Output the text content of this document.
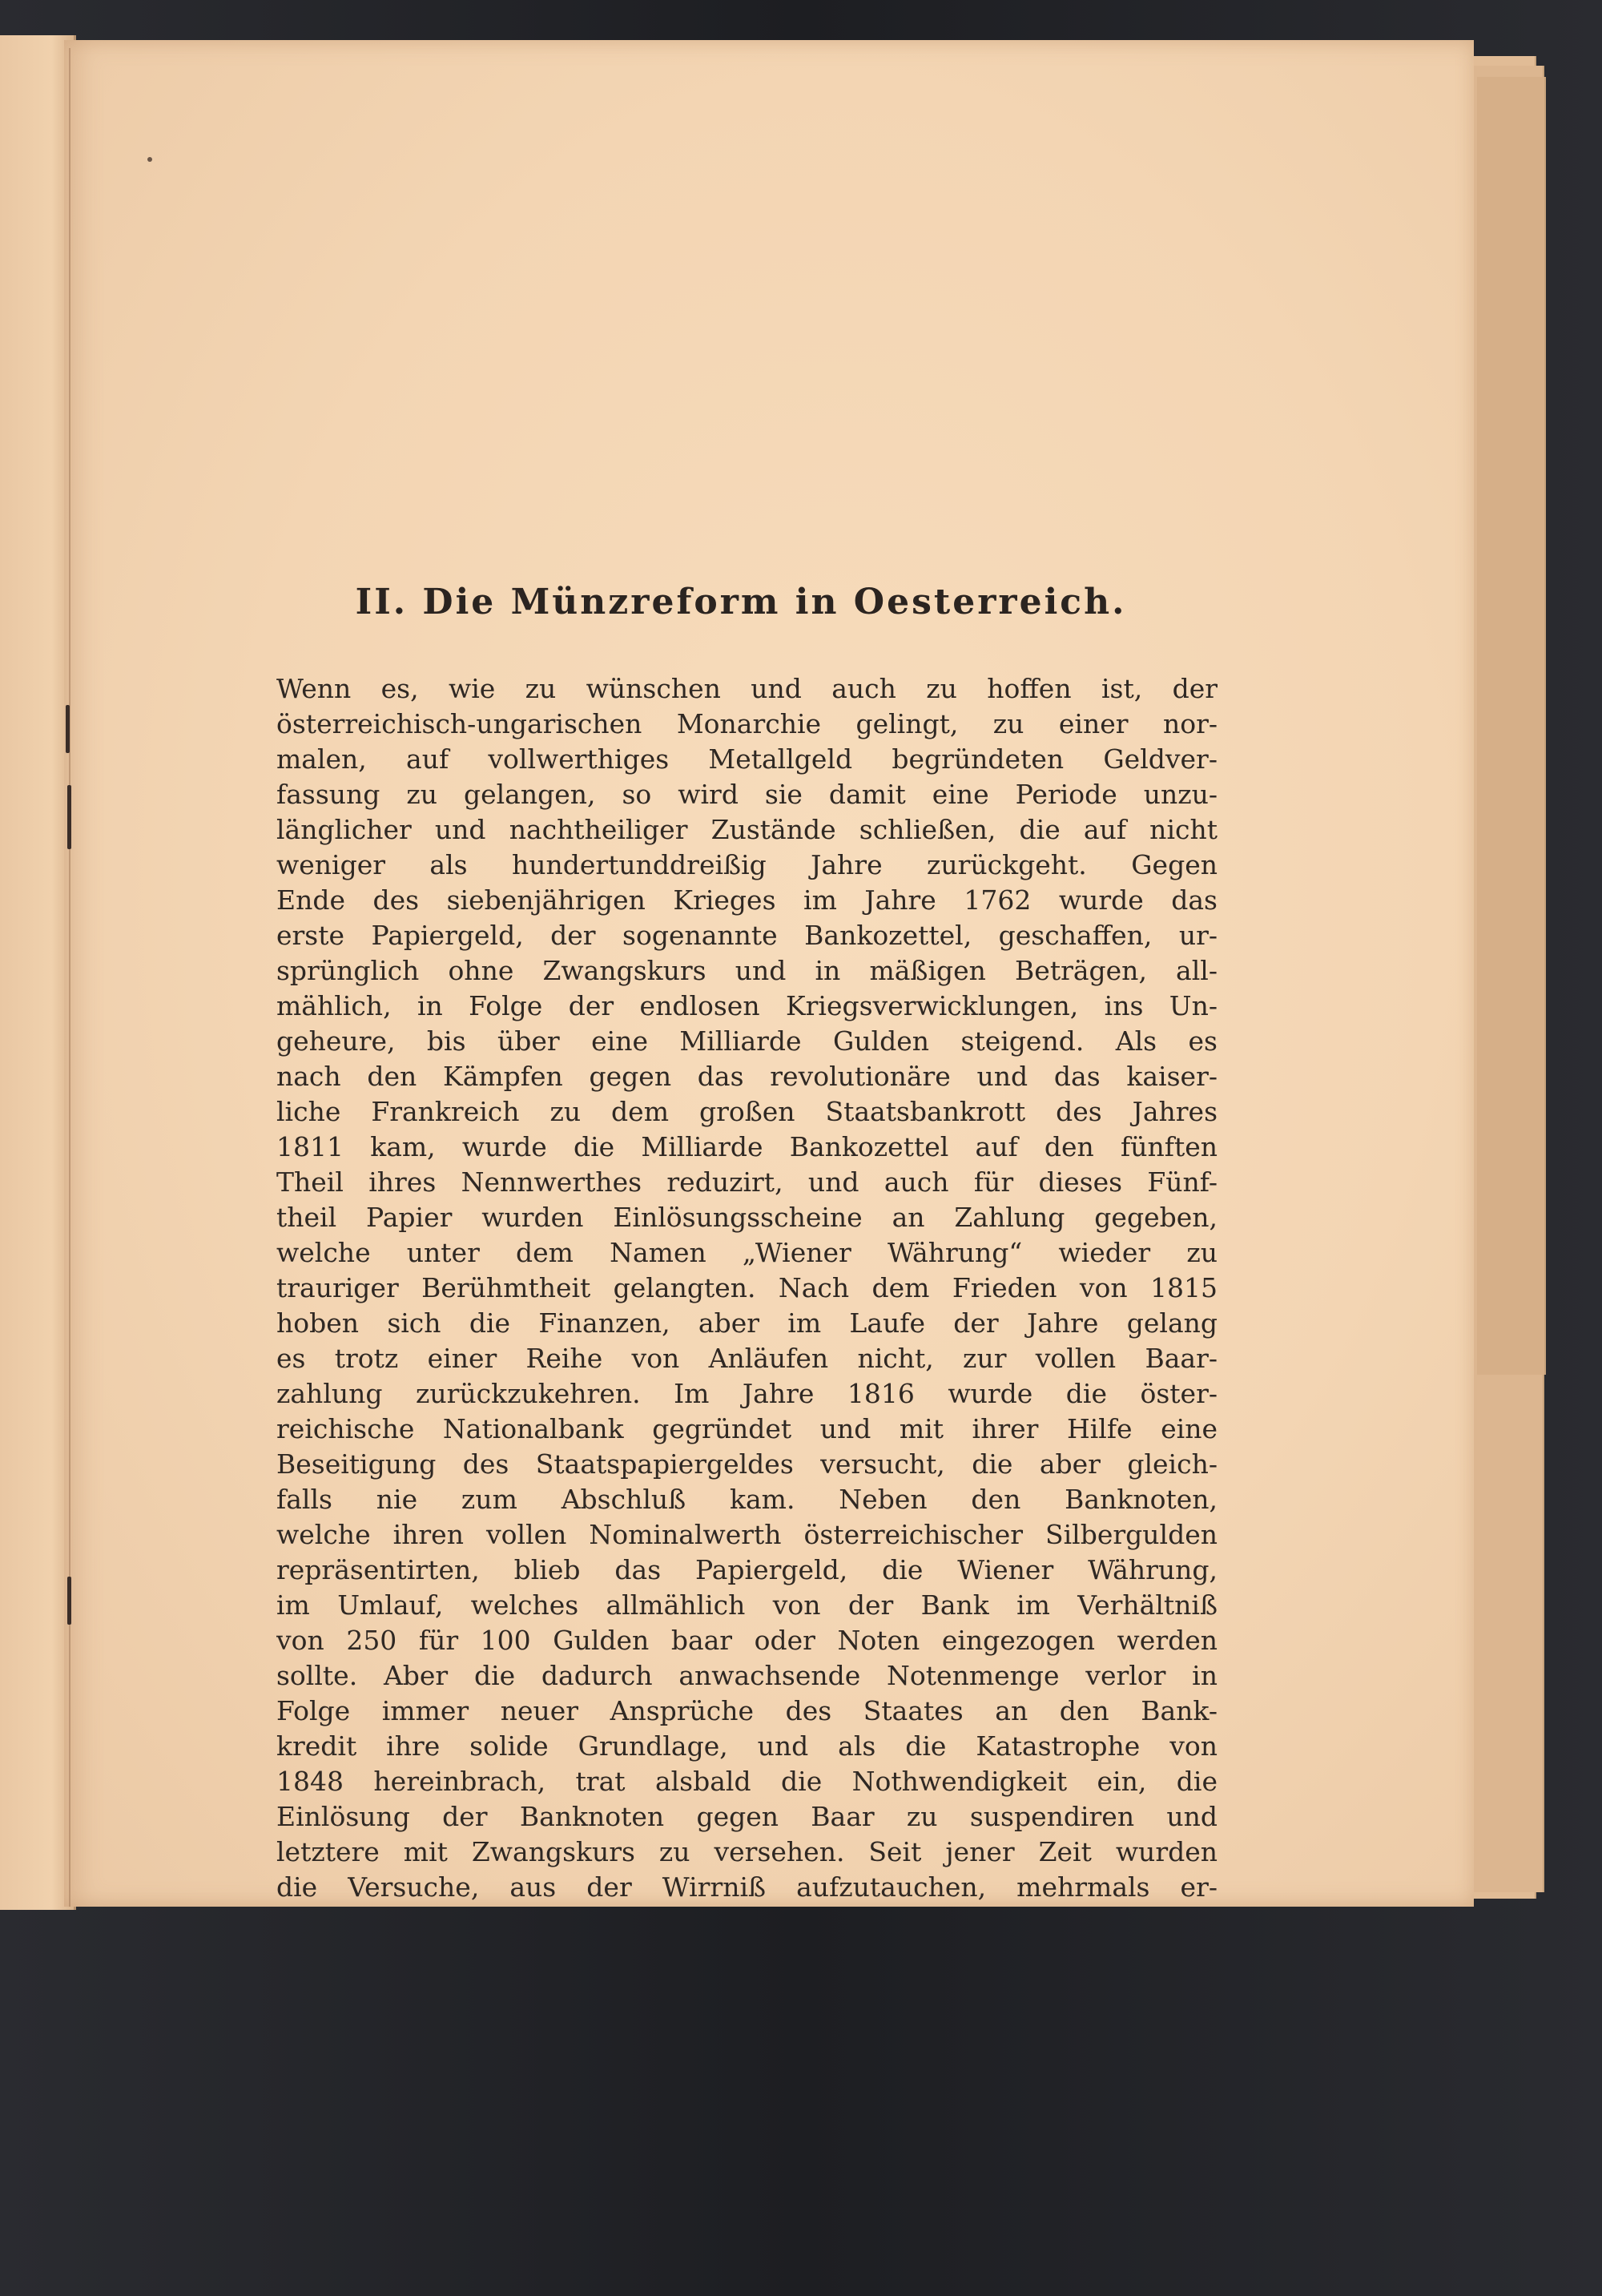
II. Die Münzreform in Oesterreich.
Wenn es, wie zu wünschen und auch zu hoffen ist, der
österreichisch-ungarischen Monarchie gelingt, zu einer nor-
malen, auf vollwerthiges Metallgeld begründeten Geldver-
fassung zu gelangen, so wird sie damit eine Periode unzu-
länglicher und nachtheiliger Zustände schließen, die auf nicht
weniger als hundertunddreißig Jahre zurückgeht. Gegen
Ende des siebenjährigen Krieges im Jahre 1762 wurde das
erste Papiergeld, der sogenannte Bankozettel, geschaffen, ur-
sprünglich ohne Zwangskurs und in mäßigen Beträgen, all-
mählich, in Folge der endlosen Kriegsverwicklungen, ins Un-
geheure, bis über eine Milliarde Gulden steigend. Als es
nach den Kämpfen gegen das revolutionäre und das kaiser-
liche Frankreich zu dem großen Staatsbankrott des Jahres
1811 kam, wurde die Milliarde Bankozettel auf den fünften
Theil ihres Nennwerthes reduzirt, und auch für dieses Fünf-
theil Papier wurden Einlösungsscheine an Zahlung gegeben,
welche unter dem Namen „Wiener Währung“ wieder zu
trauriger Berühmtheit gelangten. Nach dem Frieden von 1815
hoben sich die Finanzen, aber im Laufe der Jahre gelang
es trotz einer Reihe von Anläufen nicht, zur vollen Baar-
zahlung zurückzukehren. Im Jahre 1816 wurde die öster-
reichische Nationalbank gegründet und mit ihrer Hilfe eine
Beseitigung des Staatspapiergeldes versucht, die aber gleich-
falls nie zum Abschluß kam. Neben den Banknoten,
welche ihren vollen Nominalwerth österreichischer Silbergulden
repräsentirten, blieb das Papiergeld, die Wiener Währung,
im Umlauf, welches allmählich von der Bank im Verhältniß
von 250 für 100 Gulden baar oder Noten eingezogen werden
sollte. Aber die dadurch anwachsende Notenmenge verlor in
Folge immer neuer Ansprüche des Staates an den Bank-
kredit ihre solide Grundlage, und als die Katastrophe von
1848 hereinbrach, trat alsbald die Nothwendigkeit ein, die
Einlösung der Banknoten gegen Baar zu suspendiren und
letztere mit Zwangskurs zu versehen. Seit jener Zeit wurden
die Versuche, aus der Wirrniß aufzutauchen, mehrmals er-
